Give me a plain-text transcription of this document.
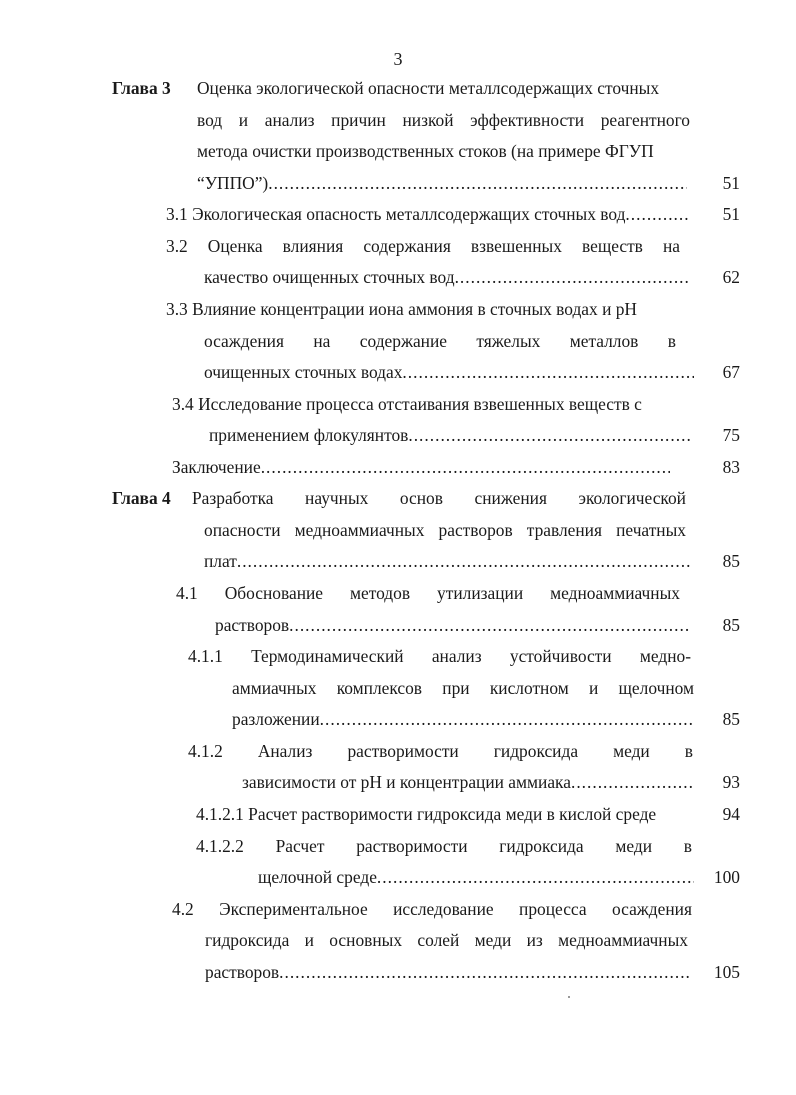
3
Глава 3 Оценка экологической опасности металлсодержащих сточных
вод и анализ причин низкой эффективности реагентного
метода очистки производственных стоков (на примере ФГУП
“УППО”) .....	51
3.1 Экологическая опасность металлсодержащих сточных вод .....	51
3.2 Оценка влияния содержания взвешенных веществ на
качество очищенных сточных вод .....	62
3.3 Влияние концентрации иона аммония в сточных водах и рН
осаждения на содержание тяжелых металлов в
очищенных сточных водах .....	67
3.4 Исследование процесса отстаивания взвешенных веществ с
применением флокулянтов .....	75
Заключение .....	83
Глава 4 Разработка научных основ снижения экологической
опасности медноаммиачных растворов травления печатных
плат .....	85
4.1 Обоснование методов утилизации медноаммиачных
растворов .....	85
4.1.1 Термодинамический анализ устойчивости медно-
аммиачных комплексов при кислотном и щелочном
разложении .....	85
4.1.2 Анализ растворимости гидроксида меди в
зависимости от рН и концентрации аммиака .....	93
4.1.2.1 Расчет растворимости гидроксида меди в кислой среде	94
4.1.2.2 Расчет растворимости гидроксида меди в
щелочной среде .....	100
4.2 Экспериментальное исследование процесса осаждения
гидроксида и основных солей меди из медноаммиачных
растворов .....	105
